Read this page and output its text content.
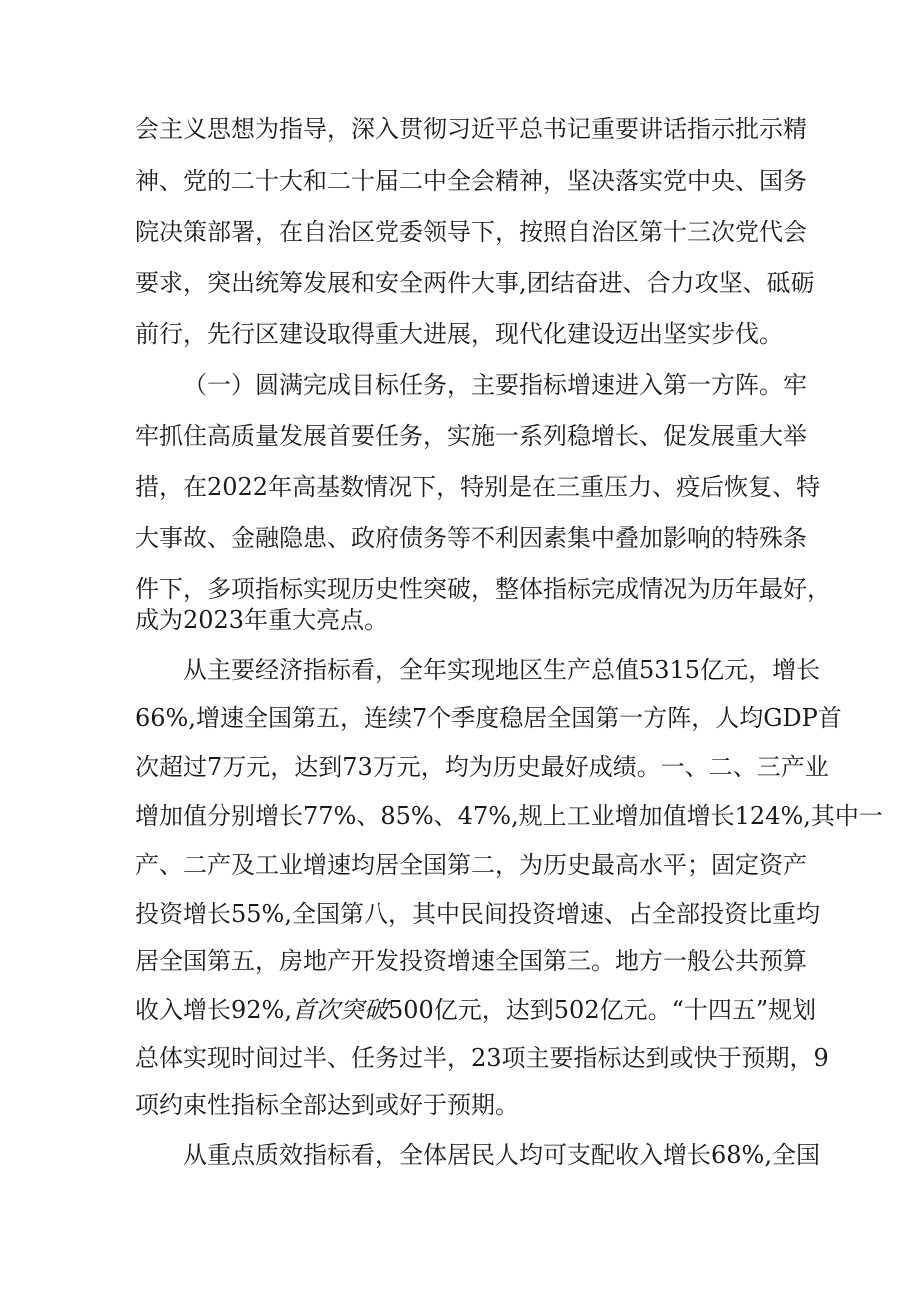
会主义思想为指导，深入贯彻习近平总书记重要讲话指示批示精
神、党的二十大和二十届二中全会精神，坚决落实党中央、国务
院决策部署，在自治区党委领导下，按照自治区第十三次党代会
要求，突出统筹发展和安全两件大事,团结奋进、合力攻坚、砥砺
前行，先行区建设取得重大进展，现代化建设迈出坚实步伐。
（一）圆满完成目标任务，主要指标增速进入第一方阵。牢
牢抓住高质量发展首要任务，实施一系列稳增长、促发展重大举
措，在2022年高基数情况下，特别是在三重压力、疫后恢复、特
大事故、金融隐患、政府债务等不利因素集中叠加影响的特殊条
件下，多项指标实现历史性突破，整体指标完成情况为历年最好，
成为2023年重大亮点。
从主要经济指标看，全年实现地区生产总值5315亿元，增长
66%,增速全国第五，连续7个季度稳居全国第一方阵，人均GDP首
次超过7万元，达到73万元，均为历史最好成绩。一、二、三产业
增加值分别增长77%、85%、47%,规上工业增加值增长124%,其中一
产、二产及工业增速均居全国第二，为历史最高水平；固定资产
投资增长55%,全国第八，其中民间投资增速、占全部投资比重均
居全国第五，房地产开发投资增速全国第三。地方一般公共预算
收入增长92%,首次突破500亿元，达到502亿元。“十四五”规划
总体实现时间过半、任务过半，23项主要指标达到或快于预期，9
项约束性指标全部达到或好于预期。
从重点质效指标看，全体居民人均可支配收入增长68%,全国
